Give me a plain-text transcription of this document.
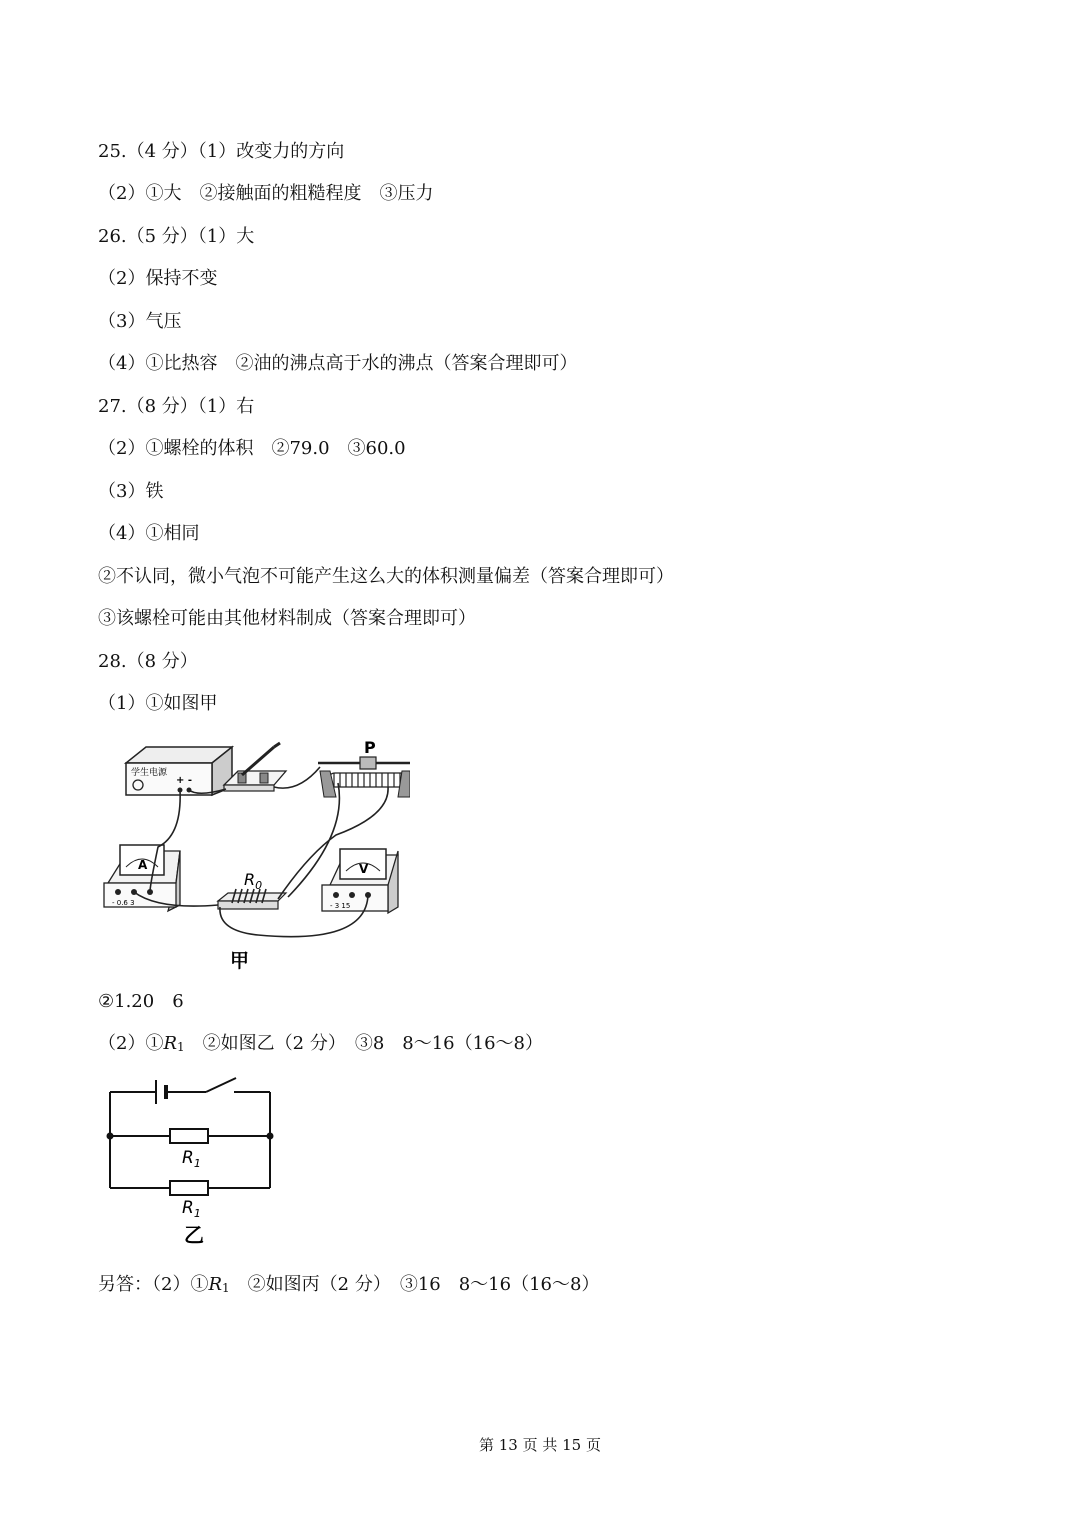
25.（4 分）（1）改变力的方向
（2）①大　②接触面的粗糙程度　③压力
26.（5 分）（1）大
（2）保持不变
（3）气压
（4）①比热容　②油的沸点高于水的沸点（答案合理即可）
27.（8 分）（1）右
（2）①螺栓的体积　②79.0　③60.0
（3）铁
（4）①相同
②不认同，微小气泡不可能产生这么大的体积测量偏差（答案合理即可）
③该螺栓可能由其他材料制成（答案合理即可）
28.（8 分）
（1）①如图甲
学生电源
+ -
P
A
- 0.6 3
$R_0$
V
- 3 15
甲
②1.20　6
（2）①R1　②如图乙（2 分）　③8　8～16（16～8）
$R_1$
$R_1$
乙
另答：（2）①R1　②如图丙（2 分）　③16　8～16（16～8）
第 13 页 共 15 页
